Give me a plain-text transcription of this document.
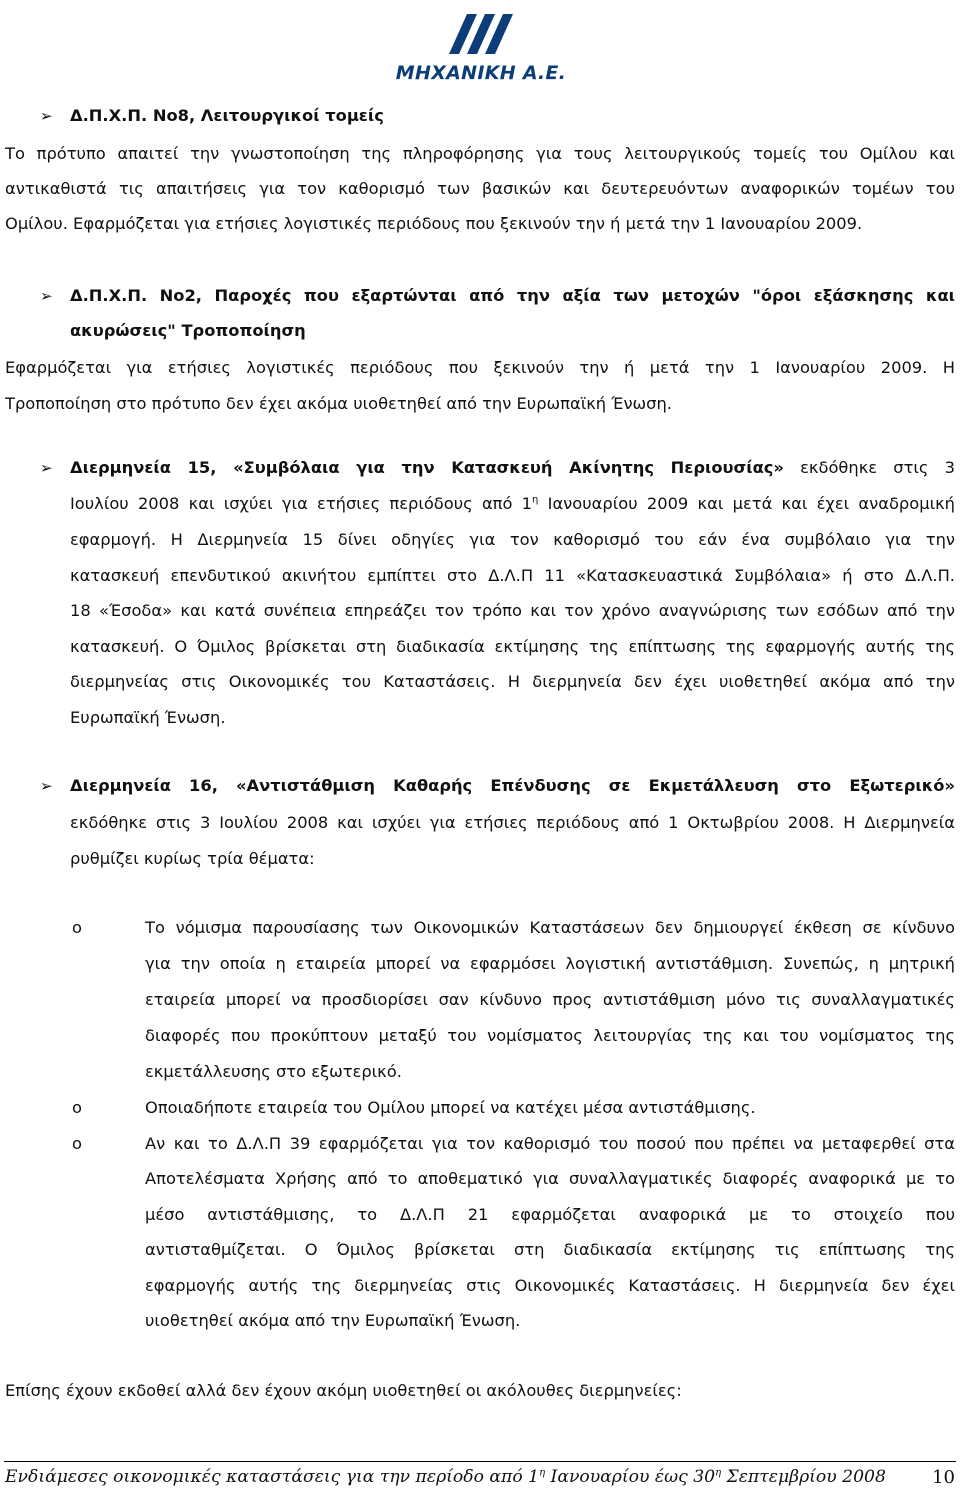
ΜΗΧΑΝΙΚΗ Α.Ε.
➢ Δ.Π.Χ.Π. Νο8, Λειτουργικοί τομείς
Το πρότυπο απαιτεί την γνωστοποίηση της πληροφόρησης για τους λειτουργικούς τομείς του Ομίλου και
αντικαθιστά τις απαιτήσεις για τον καθορισμό των βασικών και δευτερευόντων αναφορικών τομέων του
Ομίλου. Εφαρμόζεται για ετήσιες λογιστικές περιόδους που ξεκινούν την ή μετά την 1 Ιανουαρίου 2009.
➢ Δ.Π.Χ.Π. Νο2, Παροχές που εξαρτώνται από την αξία των μετοχών "όροι εξάσκησης και
ακυρώσεις" Τροποποίηση
Εφαρμόζεται για ετήσιες λογιστικές περιόδους που ξεκινούν την ή μετά την 1 Ιανουαρίου 2009. Η
Τροποποίηση στο πρότυπο δεν έχει ακόμα υιοθετηθεί από την Ευρωπαϊκή Ένωση.
➢ Διερμηνεία 15, «Συμβόλαια για την Κατασκευή Ακίνητης Περιουσίας» εκδόθηκε στις 3
Ιουλίου 2008 και ισχύει για ετήσιες περιόδους από $1^\eta$ Ιανουαρίου 2009 και μετά και έχει αναδρομική
εφαρμογή. Η Διερμηνεία 15 δίνει οδηγίες για τον καθορισμό του εάν ένα συμβόλαιο για την
κατασκευή επενδυτικού ακινήτου εμπίπτει στο Δ.Λ.Π 11 «Κατασκευαστικά Συμβόλαια» ή στο Δ.Λ.Π.
18 «Έσοδα» και κατά συνέπεια επηρεάζει τον τρόπο και τον χρόνο αναγνώρισης των εσόδων από την
κατασκευή. Ο Όμιλος βρίσκεται στη διαδικασία εκτίμησης της επίπτωσης της εφαρμογής αυτής της
διερμηνείας στις Οικονομικές του Καταστάσεις. Η διερμηνεία δεν έχει υιοθετηθεί ακόμα από την
Ευρωπαϊκή Ένωση.
➢ Διερμηνεία 16, «Αντιστάθμιση Καθαρής Επένδυσης σε Εκμετάλλευση στο Εξωτερικό»
εκδόθηκε στις 3 Ιουλίου 2008 και ισχύει για ετήσιες περιόδους από 1 Οκτωβρίου 2008. Η Διερμηνεία
ρυθμίζει κυρίως τρία θέματα:
o	Το νόμισμα παρουσίασης των Οικονομικών Καταστάσεων δεν δημιουργεί έκθεση σε κίνδυνο
για την οποία η εταιρεία μπορεί να εφαρμόσει λογιστική αντιστάθμιση. Συνεπώς, η μητρική
εταιρεία μπορεί να προσδιορίσει σαν κίνδυνο προς αντιστάθμιση μόνο τις συναλλαγματικές
διαφορές που προκύπτουν μεταξύ του νομίσματος λειτουργίας της και του νομίσματος της
εκμετάλλευσης στο εξωτερικό.
o	Οποιαδήποτε εταιρεία του Ομίλου μπορεί να κατέχει μέσα αντιστάθμισης.
o	Αν και το Δ.Λ.Π 39 εφαρμόζεται για τον καθορισμό του ποσού που πρέπει να μεταφερθεί στα
Αποτελέσματα Χρήσης από το αποθεματικό για συναλλαγματικές διαφορές αναφορικά με το
μέσο αντιστάθμισης, το Δ.Λ.Π 21 εφαρμόζεται αναφορικά με το στοιχείο που
αντισταθμίζεται. Ο Όμιλος βρίσκεται στη διαδικασία εκτίμησης τις επίπτωσης της
εφαρμογής αυτής της διερμηνείας στις Οικονομικές Καταστάσεις. Η διερμηνεία δεν έχει
υιοθετηθεί ακόμα από την Ευρωπαϊκή Ένωση.
Επίσης έχουν εκδοθεί αλλά δεν έχουν ακόμη υιοθετηθεί οι ακόλουθες διερμηνείες:
Ενδιάμεσες οικονομικές καταστάσεις για την περίοδο από $1^\eta$ Ιανουαρίου έως $30^\eta$ Σεπτεμβρίου 2008	10
